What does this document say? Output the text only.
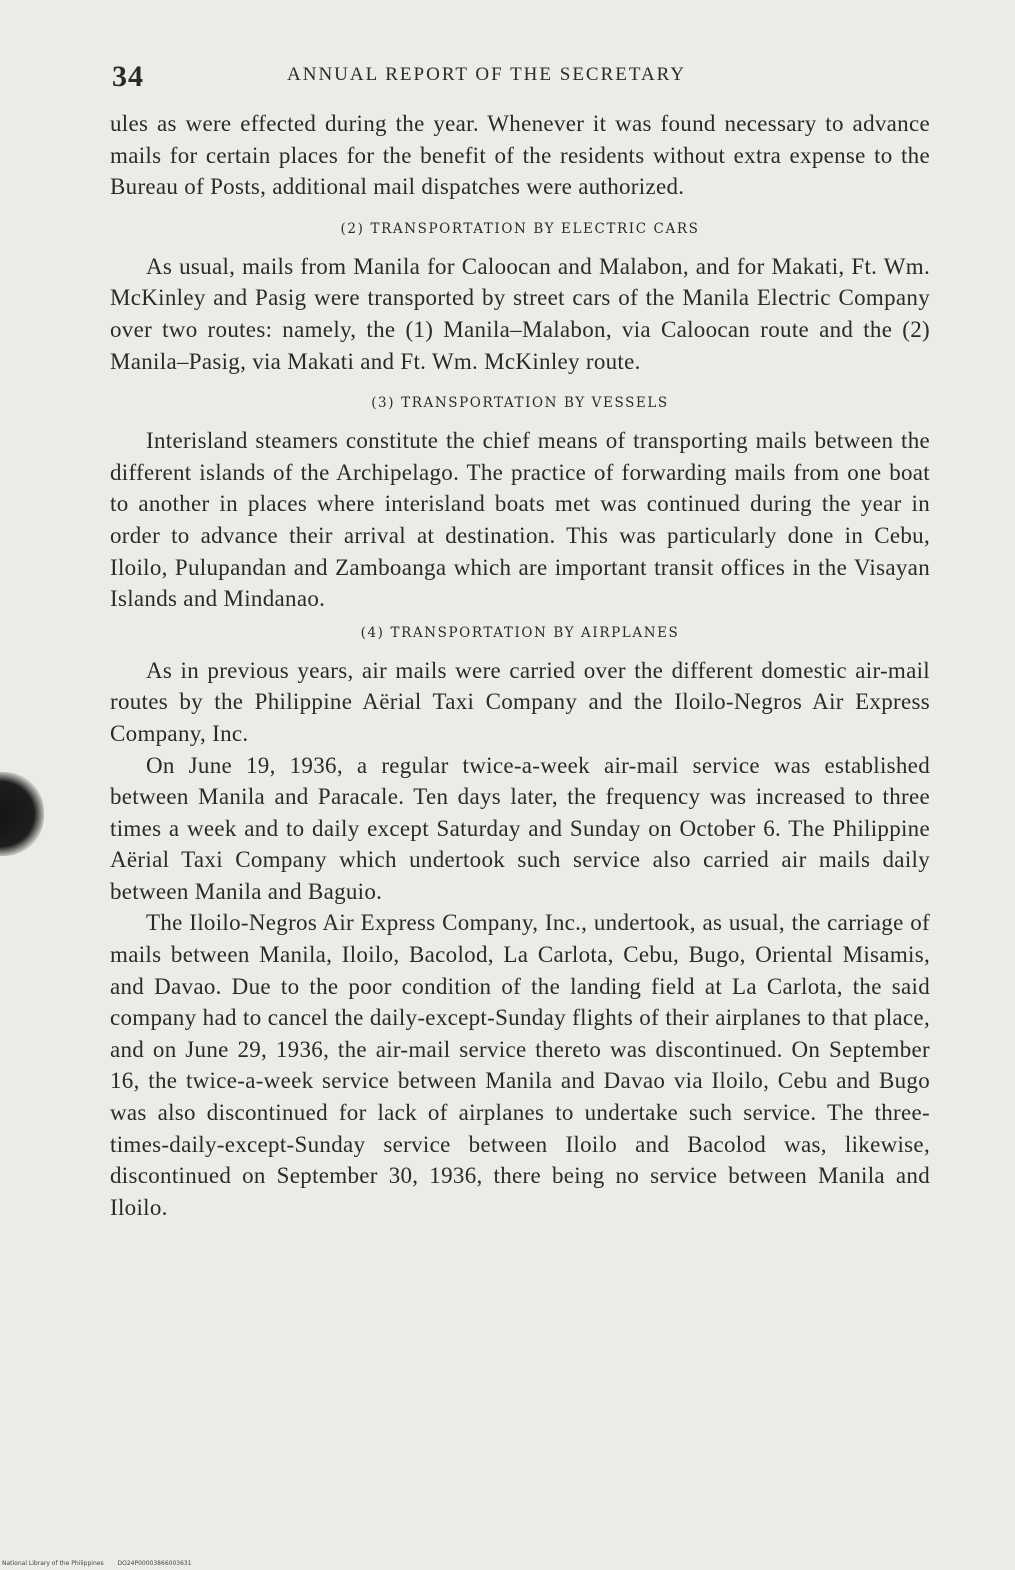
34	ANNUAL REPORT OF THE SECRETARY

ules as were effected during the year. Whenever it was found necessary to advance mails for certain places for the benefit of the residents without extra expense to the Bureau of Posts, additional mail dispatches were authorized.

(2) TRANSPORTATION BY ELECTRIC CARS

As usual, mails from Manila for Caloocan and Malabon, and for Makati, Ft. Wm. McKinley and Pasig were transported by street cars of the Manila Electric Company over two routes: namely, the (1) Manila–Malabon, via Caloocan route and the (2) Manila–Pasig, via Makati and Ft. Wm. McKinley route.

(3) TRANSPORTATION BY VESSELS

Interisland steamers constitute the chief means of transporting mails between the different islands of the Archipelago. The practice of forwarding mails from one boat to another in places where interisland boats met was continued during the year in order to advance their arrival at destination. This was particularly done in Cebu, Iloilo, Pulupandan and Zamboanga which are important transit offices in the Visayan Islands and Mindanao.

(4) TRANSPORTATION BY AIRPLANES

As in previous years, air mails were carried over the different domestic air-mail routes by the Philippine Aërial Taxi Company and the Iloilo-Negros Air Express Company, Inc.

On June 19, 1936, a regular twice-a-week air-mail service was established between Manila and Paracale. Ten days later, the frequency was increased to three times a week and to daily except Saturday and Sunday on October 6. The Philippine Aërial Taxi Company which undertook such service also carried air mails daily between Manila and Baguio.

The Iloilo-Negros Air Express Company, Inc., undertook, as usual, the carriage of mails between Manila, Iloilo, Bacolod, La Carlota, Cebu, Bugo, Oriental Misamis, and Davao. Due to the poor condition of the landing field at La Carlota, the said company had to cancel the daily-except-Sunday flights of their airplanes to that place, and on June 29, 1936, the air-mail service thereto was discontinued. On September 16, the twice-a-week service between Manila and Davao via Iloilo, Cebu and Bugo was also discontinued for lack of airplanes to undertake such service. The three-times-daily-except-Sunday service between Iloilo and Bacolod was, likewise, discontinued on September 30, 1936, there being no service between Manila and Iloilo.

National Library of the Philippines DO24P00003866003631
